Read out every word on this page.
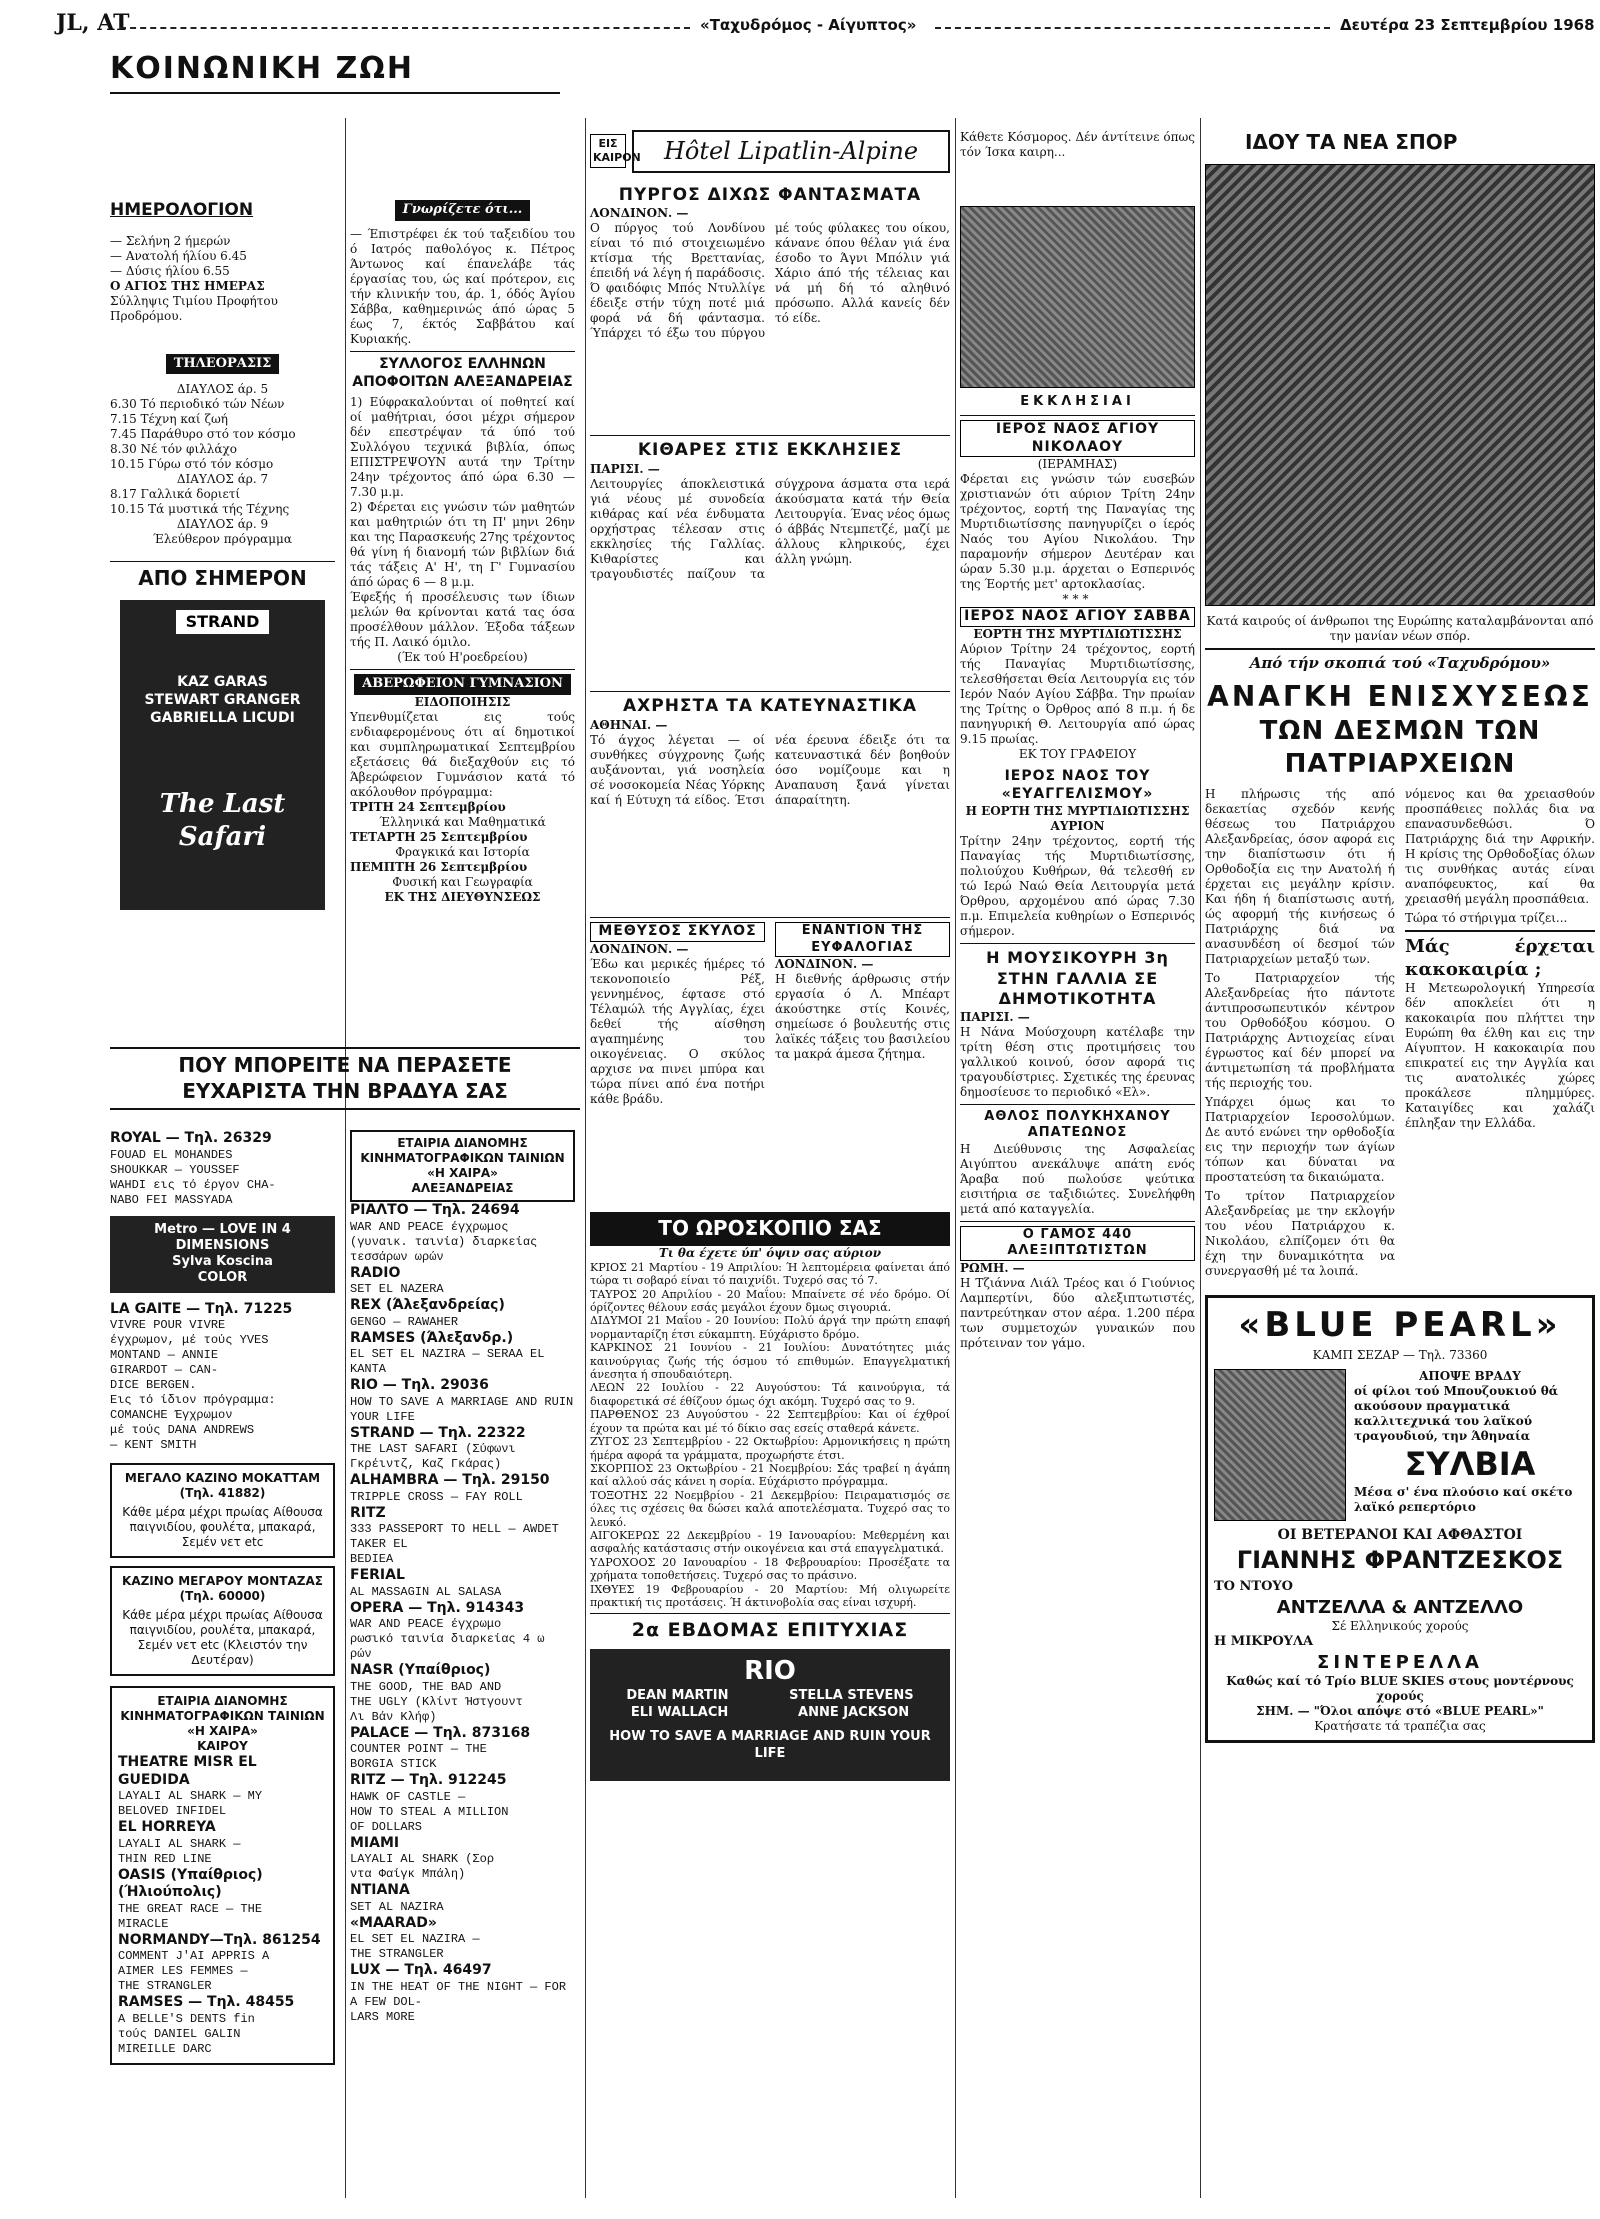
JL, AT	«Ταχυδρόμος - Αίγυπτος»	Δευτέρα 23 Σεπτεμβρίου 1968
ΚΟΙΝΩΝΙΚΗ ΖΩΗ
ΗΜΕΡΟΛΟΓΙΟΝ
— Σελήνη 2 ήμερών
— Ανατολή ήλίου 6.45
— Δύσις ήλίου 6.55
Ο ΑΓΙΟΣ ΤΗΣ ΗΜΕΡΑΣ
Σύλληψις Τιμίου Προφήτου Προδρόμου.
ΤΗΛΕΟΡΑΣΙΣ
ΔΙΑΥΛΟΣ άρ. 5
6.30 Τό περιοδικό τών Νέων
7.15 Τέχνη καί ζωή
7.45 Παράθυρο στό τον κόσμο
8.30 Νέ τόν φιλλάχο
10.15 Γύρω στό τόν κόσμο
ΔΙΑΥΛΟΣ άρ. 7
8.17 Γαλλικά δοριετί
10.15 Τά μυστικά τής Τέχνης
ΔΙΑΥΛΟΣ άρ. 9
Έλεύθερον πρόγραμμα
ΑΠΟ ΣΗΜΕΡΟΝ
STRAND
KAZ GARAS
STEWART GRANGER
GABRIELLA LICUDI
The Last Safari
Γνωρίζετε ότι...
— Έπιστρέφει έκ τού ταξειδίου του ό Ιατρός παθολόγος κ. Πέτρος Άντωνος καί έπανελάβε τάς έργασίας του, ώς καί πρότερον, εις τήν κλινικήν του, άρ. 1, όδός Άγίου Σάββα, καθημερινώς άπό ώρας 5 έως 7, έκτός Σαββάτου καί Κυριακής.
ΣΥΛΛΟΓΟΣ ΕΛΛΗΝΩΝ ΑΠΟΦΟΙΤΩΝ ΑΛΕΞΑΝΔΡΕΙΑΣ
1) Εύφρακαλούνται οί ποθητεί καί οί μαθήτριαι, όσοι μέχρι σήμερον δέν επεστρέψαν τά ύπό τού Συλλόγου τεχνικά βιβλία, όπως ΕΠΙΣΤΡΕΨΟΥΝ αυτά την Τρίτην 24ην τρέχοντος άπό ώρα 6.30 — 7.30 μ.μ.
2) Φέρεται εις γνώσιν τών μαθητών και μαθητριών ότι τη Π' μηνι 26ην και της Παρασκευής 27ης τρέχοντος θά γίνη ή διανομή τών βιβλίων διά τάς τάξεις Α' Η', τη Γ' Γυμνασίου άπό ώρας 6 — 8 μ.μ.
Έφεξής ή προσέλευσις των ίδιων μελών θα κρίνονται κατά τας όσα προσέλθουν μάλλον. Έξοδα τάξεων τής Π. Λαικό όμιλο.
(Έκ τού Η'ροεδρείου)
ΑΒΕΡΩΦΕΙΟΝ ΓΥΜΝΑΣΙΟΝ
ΕΙΔΟΠΟΙΗΣΙΣ
Υπενθυμίζεται εις τούς ενδιαφερομένους ότι αί δημοτικοί και συμπληρωματικαί Σεπτεμβρίου εξετάσεις θά διεξαχθούν εις τό Άβερώφειον Γυμνάσιον κατά τό ακόλουθον πρόγραμμα:
ΤΡΙΤΗ 24 Σεπτεμβρίου
Έλληνικά και Μαθηματικά
ΤΕΤΑΡΤΗ 25 Σεπτεμβρίου
Φραγκικά και Ιστορία
ΠΕΜΠΤΗ 26 Σεπτεμβρίου
Φυσική και Γεωγραφία
ΕΚ ΤΗΣ ΔΙΕΥΘΥΝΣΕΩΣ
ΠΟΥ ΜΠΟΡΕΙΤΕ ΝΑ ΠΕΡΑΣΕΤΕ
ΕΥΧΑΡΙΣΤΑ ΤΗΝ ΒΡΑΔΥΑ ΣΑΣ
ROYAL — Τηλ. 26329
FOUAD EL MOHANDES
SHOUKKAR — YOUSSEF
WAHDI εις τό έργον CHA-
NABO FEI MASSYADA
Metro — LOVE IN 4 DIMENSIONS
Sylva Koscina
COLOR
LA GAITE — Τηλ. 71225
VIVRE POUR VIVRE
έγχρωμον, μέ τούς YVES
MONTAND — ANNIE
GIRARDOT — CAN-
DICE BERGEN.
Εις τό ίδιον πρόγραμμα:
COMANCHE Έγχρωμον
μέ τούς DANA ANDREWS
— KENT SMITH
ΜΕΓΑΛΟ ΚΑΖΙΝΟ ΜΟΚΑΤΤΑΜ
(Τηλ. 41882)
Κάθε μέρα μέχρι πρωίας Αίθουσα παιγνιδίου, φουλέτα, μπακαρά, Σεμέν νετ etc
ΚΑΖΙΝΟ ΜΕΓΑΡΟΥ ΜΟΝΤΑΖΑΣ
(Τηλ. 60000)
Κάθε μέρα μέχρι πρωίας Αίθουσα παιγνιδίου, ρουλέτα, μπακαρά, Σεμέν νετ etc (Κλειστόν την Δευτέραν)
ΕΤΑΙΡΙΑ ΔΙΑΝΟΜΗΣ ΚΙΝΗΜΑΤΟΓΡΑΦΙΚΩΝ ΤΑΙΝΙΩΝ «Η ΧΑΙΡΑ»
ΚΑΙΡΟΥ
THEATRE MISR EL GUEDIDA
LAYALI AL SHARK — MY
BELOVED INFIDEL
EL HORREYA
LAYALI AL SHARK —
THIN RED LINE
OASIS (Υπαίθριος) (Ήλιούπολις)
THE GREAT RACE — THE
MIRACLE
NORMANDY—Τηλ. 861254
COMMENT J'AI APPRIS A
AIMER LES FEMMES —
THE STRANGLER
RAMSES — Τηλ. 48455
A BELLE'S DENTS fin
τούς DANIEL GALIN
MIREILLE DARC
ΕΤΑΙΡΙΑ ΔΙΑΝΟΜΗΣ ΚΙΝΗΜΑΤΟΓΡΑΦΙΚΩΝ ΤΑΙΝΙΩΝ «Η ΧΑΙΡΑ»
ΑΛΕΞΑΝΔΡΕΙΑΣ
ΡΙΑΛΤΟ — Τηλ. 24694
WAR AND PEACE έγχρωμος
(γυναικ. ταινία) διαρκείας
τεσσάρων ωρών
RADIO
SET EL NAZERA
REX (Άλεξανδρείας)
GENGO — RAWAHER
RAMSES (Άλεξανδρ.)
EL SET EL NAZIRA — SERAA EL KANTA
RIO — Τηλ. 29036
HOW TO SAVE A MARRIAGE AND RUIN YOUR LIFE
STRAND — Τηλ. 22322
THE LAST SAFARI (Σύφωνι Γκρέιντζ, Καζ Γκάρας)
ALHAMBRA — Τηλ. 29150
TRIPPLE CROSS — FAY ROLL
RITZ
333 PASSEPORT TO HELL — AWDET TAKER EL
BEDIEA
FERIAL
AL MASSAGIN AL SALASA
OPERA — Τηλ. 914343
WAR AND PEACE έγχρωμο
ρωσικό ταινία διαρκείας 4 ω
ρών
NASR (Υπαίθριος)
THE GOOD, THE BAD AND
THE UGLY (Κλίντ Ήστγουντ
Λι Βάν Κλήφ)
PALACE — Τηλ. 873168
COUNTER POINT — THE
BORGIA STICK
RITZ — Τηλ. 912245
HAWK OF CASTLE —
HOW TO STEAL A MILLION
OF DOLLARS
MIAMI
LAYALI AL SHARK (Σορ
ντα Φαίγκ Μπάλη)
ΝΤΙΑΝΑ
SET AL NAZIRA
«MAARAD»
EL SET EL NAZIRA —
THE STRANGLER
LUX — Τηλ. 46497
IN THE HEAT OF THE NIGHT — FOR A FEW DOL-
LARS MORE
ΕΙΣ ΚΑΙΡΟΝ Hôtel Lipatlin-Alpine
ΠΥΡΓΟΣ ΔΙΧΩΣ ΦΑΝΤΑΣΜΑΤΑ
ΛΟΝΔΙΝΟΝ. —
Ο πύργος τού Λονδίνου είναι τό πιό στοιχειωμένο κτίσμα τής Βρεττανίας, έπειδή νά λέγη ή παράδοσις. Ό φαιδόφις Μπός Ντυλλίγε έδειξε στήν τύχη ποτέ μιά φορά νά δή φάντασμα. Ύπάρχει τό έξω του πύργου μέ τούς φύλακες του οίκου, κάνανε όπου θέλαν γιά ένα έσοδο το Άγνι Μπόλιν γιά Χάριο άπό τής τέλειας και νά μή δή τό αληθινό πρόσωπο. Αλλά κανείς δέν τό είδε.
ΚΙΘΑΡΕΣ ΣΤΙΣ ΕΚΚΛΗΣΙΕΣ
ΠΑΡΙΣΙ. —
Λειτουργίες άποκλειστικά γιά νέους μέ συνοδεία κιθάρας καί νέα ένδυματα ορχήστρας τέλεσαν στις εκκλησίες τής Γαλλίας. Κιθαρίστες και τραγουδιστές παίζουν τα σύγχρονα άσματα στα ιερά άκούσματα κατά τήν Θεία Λειτουργία. Ένας νέος όμως ό άββάς Ντεμπετζέ, μαζί με άλλους κληρικούς, έχει άλλη γνώμη.
ΑΧΡΗΣΤΑ ΤΑ ΚΑΤΕΥΝΑΣΤΙΚΑ
ΑΘΗΝΑΙ. —
Τό άγχος λέγεται — οί συνθήκες σύγχρονης ζωής αυξάνονται, γιά νοσηλεία σέ νοσοκομεία Νέας Υόρκης καί ή Εύτυχη τά είδος. Έτσι νέα έρευνα έδειξε ότι τα κατευναστικά δέν βοηθούν όσο νομίζουμε και η Αναπαυση ξανά γίνεται άπαραίτητη.
ΜΕΘΥΣΟΣ ΣΚΥΛΟΣ
ΛΟΝΔΙΝΟΝ. —
Έδω και μερικές ήμέρες τό τεκονοποιείο Ρέξ, γεννημένος, έφτασε στό Τέλαμώλ τής Αγγλίας, έχει δεθεί τής αίσθηση αγαπημένης του οικογένειας. Ο σκύλος αρχισε να πινει μπύρα και τώρα πίνει από ένα ποτήρι κάθε βράδυ.
ΕΝΑΝΤΙΟΝ ΤΗΣ ΕΥΦΑΛΟΓΙΑΣ
ΛΟΝΔΙΝΟΝ. —
Η διεθνής άρθρωσις στήν εργασία ό Λ. Μπέαρτ άκούστηκε στίς Κοινές, σημείωσε ό βουλευτής στις λαϊκές τάξεις του βασιλείου τα μακρά άμεσα ζήτημα.
ΤΟ ΩΡΟΣΚΟΠΙΟ ΣΑΣ
Τι θα έχετε ύπ' όψιν σας αύριον
ΚΡΙΟΣ 21 Μαρτίου - 19 Απριλίου: Ή λεπτομέρεια φαίνεται άπό τώρα τι σοβαρό είναι τό παιχνίδι. Τυχερό σας τό 7.
ΤΑΥΡΟΣ 20 Απριλίου - 20 Μαΐου: Μπαίνετε σέ νέο δρόμο. Οί όρίζοντες θέλουν εσάς μεγάλοι έχουν δμως σιγουριά.
ΔΙΔΥΜΟΙ 21 Μαΐου - 20 Ιουνίου: Πολύ άργά την πρώτη επαφή νορμανταρίζη έτσι εύκαμπτη. Εύχάριστο δρόμο.
ΚΑΡΚΙΝΟΣ 21 Ιουνίου - 21 Ιουλίου: Δυνατότητες μιάς καινούργιας ζωής τής όσμου τό επιθυμών. Επαγγελματική άνεσητα ή σπουδαιότερη.
ΛΕΩΝ 22 Ιουλίου - 22 Αυγούστου: Τά καινούργια, τά διαφορετικά σέ έθίζουν όμως όχι ακόμη. Τυχερό σας το 9.
ΠΑΡΘΕΝΟΣ 23 Αυγούστου - 22 Σεπτεμβρίου: Και οί έχθροί έχουν τα πρώτα και μέ τό δίκιο σας εσείς σταθερά κάνετε.
ΖΥΓΟΣ 23 Σεπτεμβρίου - 22 Οκτωβρίου: Αρμονικήσεις η πρώτη ήμέρα αφορά τα γράμματα, προχωρήστε έτσι.
ΣΚΟΡΠΙΟΣ 23 Οκτωβρίου - 21 Νοεμβρίου: Σάς τραβεί η άγάπη καί αλλού σάς κάνει η σορία. Εύχάριστο πρόγραμμα.
ΤΟΞΟΤΗΣ 22 Νοεμβρίου - 21 Δεκεμβρίου: Πειραματισμός σε όλες τις σχέσεις θα δώσει καλά αποτελέσματα. Τυχερό σας το λευκό.
ΑΙΓΟΚΕΡΩΣ 22 Δεκεμβρίου - 19 Ιανουαρίου: Μεθερμένη και ασφαλής κατάστασις στήν οικογένεια και στά επαγγελματικά.
ΥΔΡΟΧΟΟΣ 20 Ιανουαρίου - 18 Φεβρουαρίου: Προσέξατε τα χρήματα τοποθετήσεις. Τυχερό σας το πράσινο.
ΙΧΘΥΕΣ 19 Φεβρουαρίου - 20 Μαρτίου: Μή ολιγωρείτε πρακτική τις προτάσεις. Ή άκτινοβολία σας είναι ισχυρή.
2α ΕΒΔΟΜΑΣ ΕΠΙΤΥΧΙΑΣ
RIO
DEAN MARTIN	STELLA STEVENS
ELI WALLACH	ANNE JACKSON
HOW TO SAVE A MARRIAGE AND RUIN YOUR LIFE
Κάθετε Κόσμορος. Δέν άντίτεινε όπως τόν Ίσκα καιρη...
ΕΚΚΛΗΣΙΑΙ
ΙΕΡΟΣ ΝΑΟΣ ΑΓΙΟΥ ΝΙΚΟΛΑΟΥ
(ΙΕΡΑΜΗΑΣ)
Φέρεται εις γνώσιν τών ευσεβών χριστιανών ότι αύριον Τρίτη 24ην τρέχοντος, εορτή της Παναγίας της Μυρτιδιωτίσσης πανηγυρίζει ο ίερός Ναός του Αγίου Νικολάου. Την παραμονήν σήμερον Δευτέραν και ώραν 5.30 μ.μ. άρχεται ο Εσπερινός της Έορτής μετ' αρτοκλασίας.
***
ΙΕΡΟΣ ΝΑΟΣ ΑΓΙΟΥ ΣΑΒΒΑ
ΕΟΡΤΗ ΤΗΣ ΜΥΡΤΙΔΙΩΤΙΣΣΗΣ
Αύριον Τρίτην 24 τρέχοντος, εορτή τής Παναγίας Μυρτιδιωτίσσης, τελεσθήσεται Θεία Λειτουργία εις τόν Ιερόν Ναόν Αγίου Σάββα. Την πρωίαν της Τρίτης ο Όρθρος από 8 π.μ. ή δε πανηγυρική Θ. Λειτουργία από ώρας 9.15 πρωίας.
ΕΚ ΤΟΥ ΓΡΑΦΕΙΟΥ
ΙΕΡΟΣ ΝΑΟΣ ΤΟΥ «ΕΥΑΓΓΕΛΙΣΜΟΥ»
Η ΕΟΡΤΗ ΤΗΣ ΜΥΡΤΙΔΙΩΤΙΣΣΗΣ ΑΥΡΙΟΝ
Τρίτην 24ην τρέχοντος, εορτή τής Παναγίας τής Μυρτιδιωτίσσης, πολιούχου Κυθήρων, θά τελεσθή εν τώ Ιερώ Ναώ Θεία Λειτουργία μετά Όρθρου, αρχομένου από ώρας 7.30 π.μ. Επιμελεία κυθηρίων ο Εσπερινός σήμερον.
Η ΜΟΥΣΙΚΟΥΡΗ 3η ΣΤΗΝ ΓΑΛΛΙΑ ΣΕ ΔΗΜΟΤΙΚΟΤΗΤΑ
ΠΑΡΙΣΙ. —
Η Νάνα Μούσχουρη κατέλαβε την τρίτη θέση στις προτιμήσεις του γαλλικού κοινού, όσον αφορά τις τραγουδίστριες. Σχετικές της έρευνας δημοσίευσε το περιοδικό «Ελ».
ΑΘΛΟΣ ΠΟΛΥΚΗΧΑΝΟΥ ΑΠΑΤΕΩΝΟΣ
Η Διεύθυνσις της Ασφαλείας Αιγύπτου ανεκάλυψε απάτη ενός Άραβα πού πωλούσε ψεύτικα εισιτήρια σε ταξιδιώτες. Συνελήφθη μετά από καταγγελία.
Ο ΓΑΜΟΣ 440 ΑΛΕΞΙΠΤΩΤΙΣΤΩΝ
ΡΩΜΗ. —
Η Τζιάννα Λιάλ Τρέος και ό Γιούνιος Λαμπερτίνι, δύο αλεξιπτωτιστές, παντρεύτηκαν στον αέρα. 1.200 πέρα των συμμετοχών γυναικών που πρότειναν τον γάμο.
ΙΔΟΥ ΤΑ ΝΕΑ ΣΠΟΡ
Κατά καιρούς οί άνθρωποι της Ευρώπης καταλαμβάνονται από την μανίαν νέων σπόρ.
Από τήν σκοπιά τού «Ταχυδρόμου»
ΑΝΑΓΚΗ ΕΝΙΣΧΥΣΕΩΣ
ΤΩΝ ΔΕΣΜΩΝ ΤΩΝ ΠΑΤΡΙΑΡΧΕΙΩΝ
Η πλήρωσις τής από δεκαετίας σχεδόν κενής θέσεως του Πατριάρχου Αλεξανδρείας, όσον αφορά εις την διαπίστωσιν ότι ή Ορθοδοξία εις την Ανατολή ή έρχεται εις μεγάλην κρίσιν. Και ήδη ή διαπίστωσις αυτή, ώς αφορμή τής κινήσεως ό Πατριάρχης διά να ανασυνδέση οί δεσμοί τών Πατριαρχείων μεταξύ των.
Το Πατριαρχείον τής Αλεξανδρείας ήτο πάντοτε άντιπροσωπευτικόν κέντρον του Ορθοδόξου κόσμου. Ο Πατριάρχης Αντιοχείας είναι έγρωστος καί δέν μπορεί να άντιμετωπίση τά προβλήματα τής περιοχής του.
Υπάρχει όμως και το Πατριαρχείον Ιεροσολύμων. Δε αυτό ενώνει την ορθοδοξία εις την περιοχήν των άγίων τόπων και δύναται να προστατεύση τα δικαιώματα.
Το τρίτον Πατριαρχείον Αλεξανδρείας με την εκλογήν του νέου Πατριάρχου κ. Νικολάου, ελπίζομεν ότι θα έχη την δυναμικότητα να συνεργασθή μέ τα λοιπά.
νόμενος και θα χρειασθούν προσπάθειες πολλάς δια να επανασυνδεθώσι. Ό Πατριάρχης διά την Αφρικήν. Η κρίσις της Ορθοδοξίας όλων τις συνθήκας αυτάς είναι αναπόφευκτος, καί θα χρειασθή μεγάλη προσπάθεια.
Τώρα τό στήριγμα τρίζει...
Μάς έρχεται κακοκαιρία ;
Η Μετεωρολογική Υπηρεσία δέν αποκλείει ότι η κακοκαιρία που πλήττει την Ευρώπη θα έλθη και εις την Αίγυπτον. Η κακοκαιρία που επικρατεί εις την Αγγλία και τις ανατολικές χώρες προκάλεσε πλημμύρες. Καταιγίδες και χαλάζι έπληξαν την Ελλάδα.
«BLUE PEARL»
ΚΑΜΠ ΣΕΖΑΡ — Τηλ. 73360
ΑΠΟΨΕ ΒΡΑΔΥ
οί φίλοι τού Μπουζουκιού θά ακούσουν πραγματικά καλλιτεχνικά του λαϊκού τραγουδιού, την Άθηναία
ΣΥΛΒΙΑ
Μέσα σ' ένα πλούσιο καί σκέτο λαϊκό ρεπερτόριο
ΟΙ ΒΕΤΕΡΑΝΟΙ ΚΑΙ ΑΦΘΑΣΤΟΙ
ΓΙΑΝΝΗΣ ΦΡΑΝΤΖΕΣΚΟΣ
ΤΟ ΝΤΟΥΟ
ΑΝΤΖΕΛΛΑ & ΑΝΤΖΕΛΛΟ
Σέ Ελληνικούς χορούς
Η ΜΙΚΡΟΥΛΑ
ΣΙΝΤΕΡΕΛΛΑ
Καθώς καί τό Τρίο BLUE SKIES στους μοντέρνους χορούς
ΣΗΜ. — "Όλοι απόψε στό «BLUE PEARL»"
Κρατήσατε τά τραπέζια σας
